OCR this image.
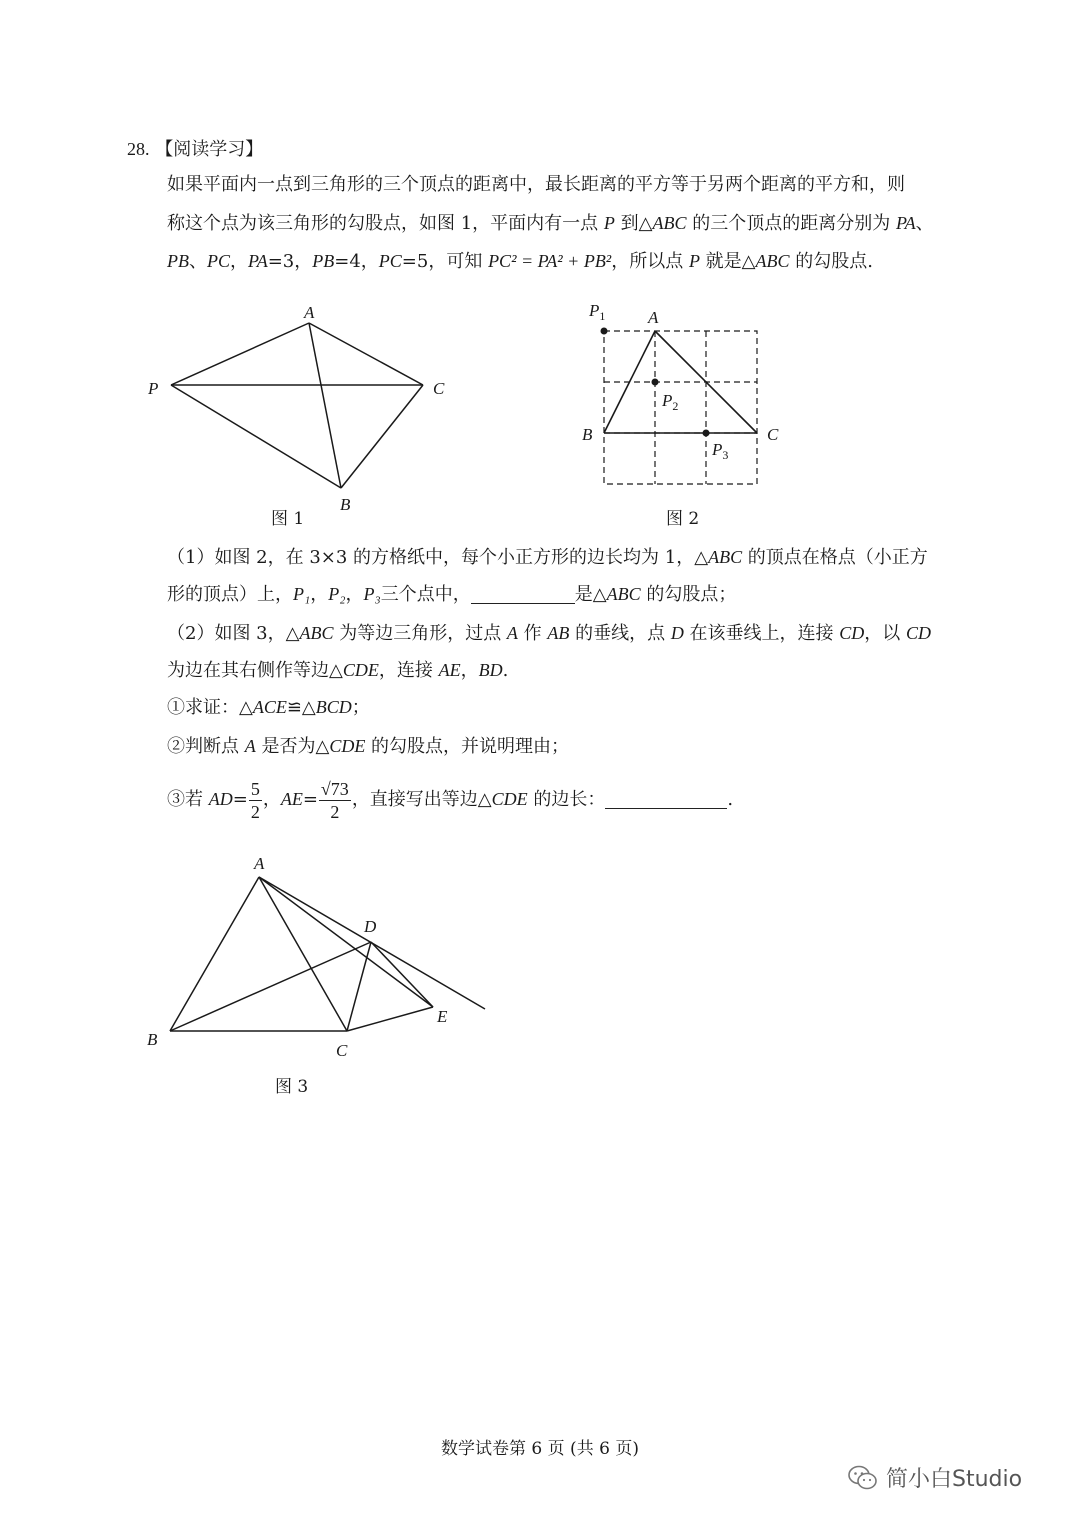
28. 【阅读学习】
如果平面内一点到三角形的三个顶点的距离中，最长距离的平方等于另两个距离的平方和，则
称这个点为该三角形的勾股点，如图 1，平面内有一点 P 到△ABC 的三个顶点的距离分别为 PA、
PB、PC，PA=3，PB=4，PC=5，可知 PC² = PA² + PB²，所以点 P 就是△ABC 的勾股点.
A
P	C
B
图 1
$P_1$	A
$P_2$
B	C
$P_3$
图 2
（1）如图 2，在 3×3 的方格纸中，每个小正方形的边长均为 1，△ABC 的顶点在格点（小正方
形的顶点）上，P₁，P₂，P₃三个点中，	是△ABC 的勾股点；
（2）如图 3，△ABC 为等边三角形，过点 A 作 AB 的垂线，点 D 在该垂线上，连接 CD，以 CD
为边在其右侧作等边△CDE，连接 AE，BD.
①求证：△ACE≌△BCD；
②判断点 A 是否为△CDE 的勾股点，并说明理由；
③若 $AD= \frac{5}{2}$ ，$AE= \frac{√73}{2}$ ，直接写出等边△CDE 的边长：	.
A
D
E
B
C
图 3
数学试卷第 6 页 (共 6 页)
简小白Studio
